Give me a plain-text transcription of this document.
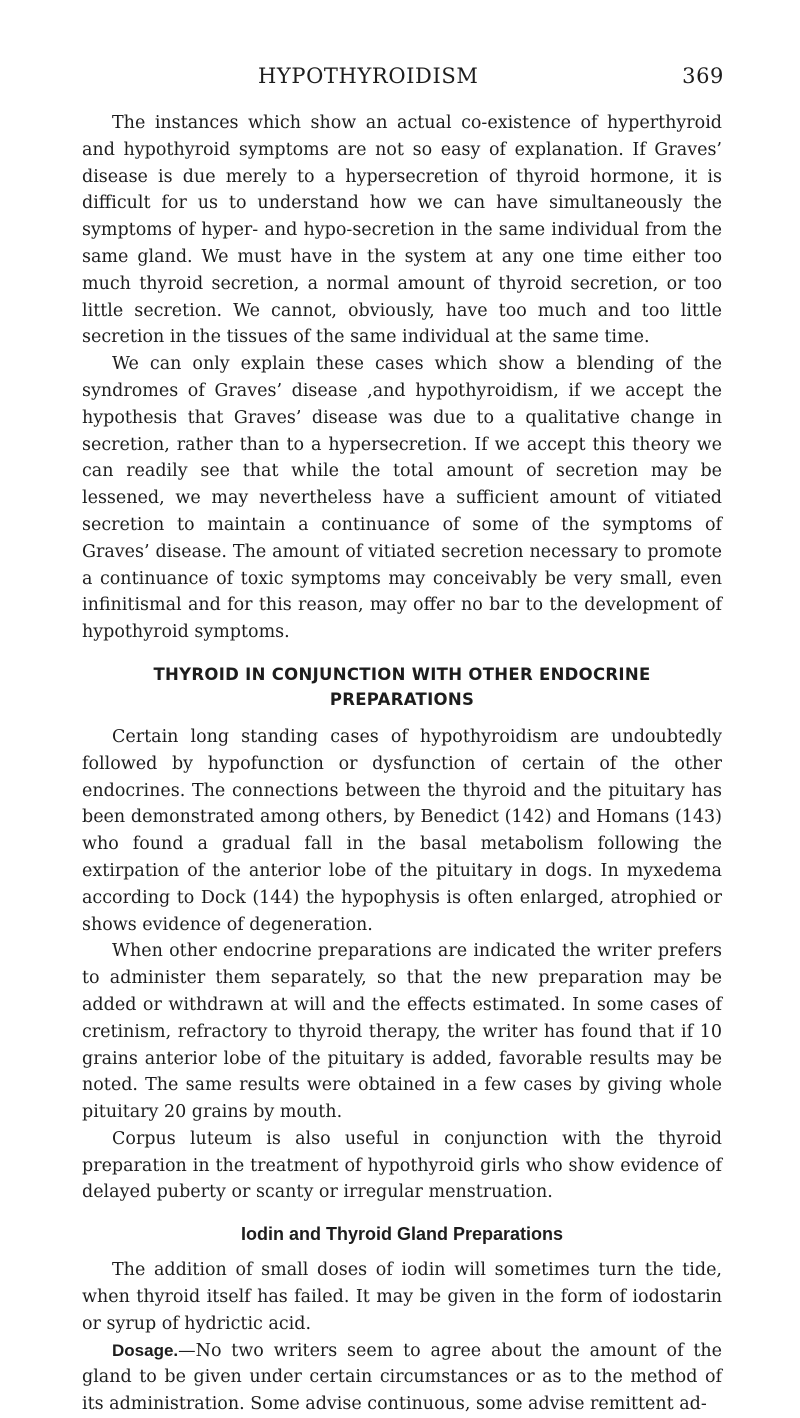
HYPOTHYROIDISM	369

The instances which show an actual co-existence of hyperthyroid and hypothyroid symptoms are not so easy of explanation. If Graves’ disease is due merely to a hypersecretion of thyroid hormone, it is difficult for us to understand how we can have simultaneously the symptoms of hyper- and hypo-secretion in the same individual from the same gland. We must have in the system at any one time either too much thyroid secretion, a normal amount of thyroid secretion, or too little secretion. We cannot, obviously, have too much and too little secretion in the tissues of the same individual at the same time.

We can only explain these cases which show a blending of the syndromes of Graves’ disease ,and hypothyroidism, if we accept the hypothesis that Graves’ disease was due to a qualitative change in secretion, rather than to a hypersecretion. If we accept this theory we can readily see that while the total amount of secretion may be lessened, we may nevertheless have a sufficient amount of vitiated secretion to maintain a continuance of some of the symptoms of Graves’ disease. The amount of vitiated secretion necessary to promote a continuance of toxic symptoms may conceivably be very small, even infinitismal and for this reason, may offer no bar to the development of hypothyroid symptoms.

THYROID IN CONJUNCTION WITH OTHER ENDOCRINE PREPARATIONS

Certain long standing cases of hypothyroidism are undoubtedly followed by hypofunction or dysfunction of certain of the other endocrines. The connections between the thyroid and the pituitary has been demonstrated among others, by Benedict (142) and Homans (143) who found a gradual fall in the basal metabolism following the extirpation of the anterior lobe of the pituitary in dogs. In myxedema according to Dock (144) the hypophysis is often enlarged, atrophied or shows evidence of degeneration.

When other endocrine preparations are indicated the writer prefers to administer them separately, so that the new preparation may be added or withdrawn at will and the effects estimated. In some cases of cretinism, refractory to thyroid therapy, the writer has found that if 10 grains anterior lobe of the pituitary is added, favorable results may be noted. The same results were obtained in a few cases by giving whole pituitary 20 grains by mouth.

Corpus luteum is also useful in conjunction with the thyroid preparation in the treatment of hypothyroid girls who show evidence of delayed puberty or scanty or irregular menstruation.

Iodin and Thyroid Gland Preparations

The addition of small doses of iodin will sometimes turn the tide, when thyroid itself has failed. It may be given in the form of iodostarin or syrup of hydrictic acid.

Dosage.—No two writers seem to agree about the amount of the gland to be given under certain circumstances or as to the method of its administration. Some advise continuous, some advise remittent ad-
